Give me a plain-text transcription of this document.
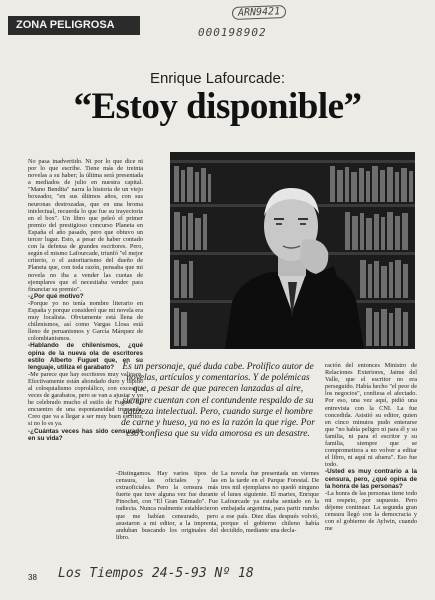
ARN9421
000198902
ZONA PELIGROSA
Enrique Lafourcade:
“Estoy disponible”

No pasa inadvertido. Ni por lo que dice ni por lo que escribe. Tiene más de treinta novelas a su haber; la última será presentada a mediados de julio en nuestra capital. "Mano Bendita" narra la historia de un viejo boxeador, "en sus últimos años, con sus neuronas destrozadas, que en una broma intelectual, recuerda lo que fue su trayectoria en el box". Un libro que peleó el primer premio del prestigioso concurso Planeta en España el año pasado, pero que obtuvo un tercer lugar. Esto, a pesar de haber contado con la defensa de grandes escritores. Pero, según el mismo Lafourcade, triunfó "el mejor criterio, o el autoritarismo del dueño de Planeta que, con toda razón, pensaba que mi novela no iba a vender las cuotas de ejemplares que el necesitaba vender para financiar su premio".

-¿Por qué motivo?

-Porque yo no tenía nombre literario en España y porque consideró que mi novela era muy localista. Obviamente está llena de chilenismos, así como Vargas Llosa está lleno de peruanismos y García Márquez de colombianismos.

-Hablando de chilenismos, ¿qué opina de la nueva ola de escritores estilo Alberto Fuguet que, en su lenguaje, utiliza el garabato?

-Me parece que hay escritores muy valiosos. Efectivamente están ahondado duro y tupido al coloquialismo coprolálico, con exceso a veces de garabatos, pero se van a ajustar y yo he celebrado mucho el estilo de Fuguet. Lo encuentro de una espontaneidad tremenda. Creo que va a llegar a ser muy buen escritor, si no lo es ya.

-¿Cuántas veces has sido censurado en su vida?

Es un personaje, qué duda cabe. Prolífico autor de novelas, artículos y comentarios. Y de polémicas que, a pesar de que parecen lanzadas al aire, siempre cuentan con el contundente respaldo de su aguzeza intelectual. Pero, cuando surge el hombre de carne y hueso, ya no es la razón la que rige. Por eso confiesa que su vida amorosa es un desastre.

-Distingamos. Hay varios tipos de censura, las oficiales y las extraoficiales. Pero la censura más fuerte que tuve alguna vez fue durante Pinochet, con "El Gran Taimado". Fue radiecta. Nunca realmente establecieron que me habían censurado, pero asustaron a mi editor, a la imprenta, anduban buscando los originales del libro.

La novela fue presentada un viernes en la tarde en el Parque Forestal. De tres mil ejemplares no quedó ninguno el lunes siguiente. El martes, Enrique Lafourcade ya estaba sentado en la embajada argentina, para partir rumbo a ese país. Diez días después volvió, porque el gobierno chileno había decidido, mediante una decla-

ración del entonces Ministro de Relaciones Exteriores, Jaime del Valle, que el escritor no era perseguido. Había hecho "el peor de los negocios", confiesa el afectado. Por eso, una vez aquí, pidió una entrevista con la CNI. La fue concedida. Asistió su editor, quien en cinco minutos pudo enterarse que "no había peligro ni para él y su familia, ni para el escritor y su familia, siempre que se comprometiera a no volver a editar el libro, ni aquí ni afuera". Eso fue todo.

-Usted es muy contrario a la censura, pero, ¿qué opina de la honra de las personas?

-La honra de las personas tiene todo mi respeto, por supuesto. Pero déjeme continuar. La segunda gran censura llegó con la democracia y con el gobierno de Aylwin, cuando me

38 Los Tiempos 24-5-93 Nº 18
